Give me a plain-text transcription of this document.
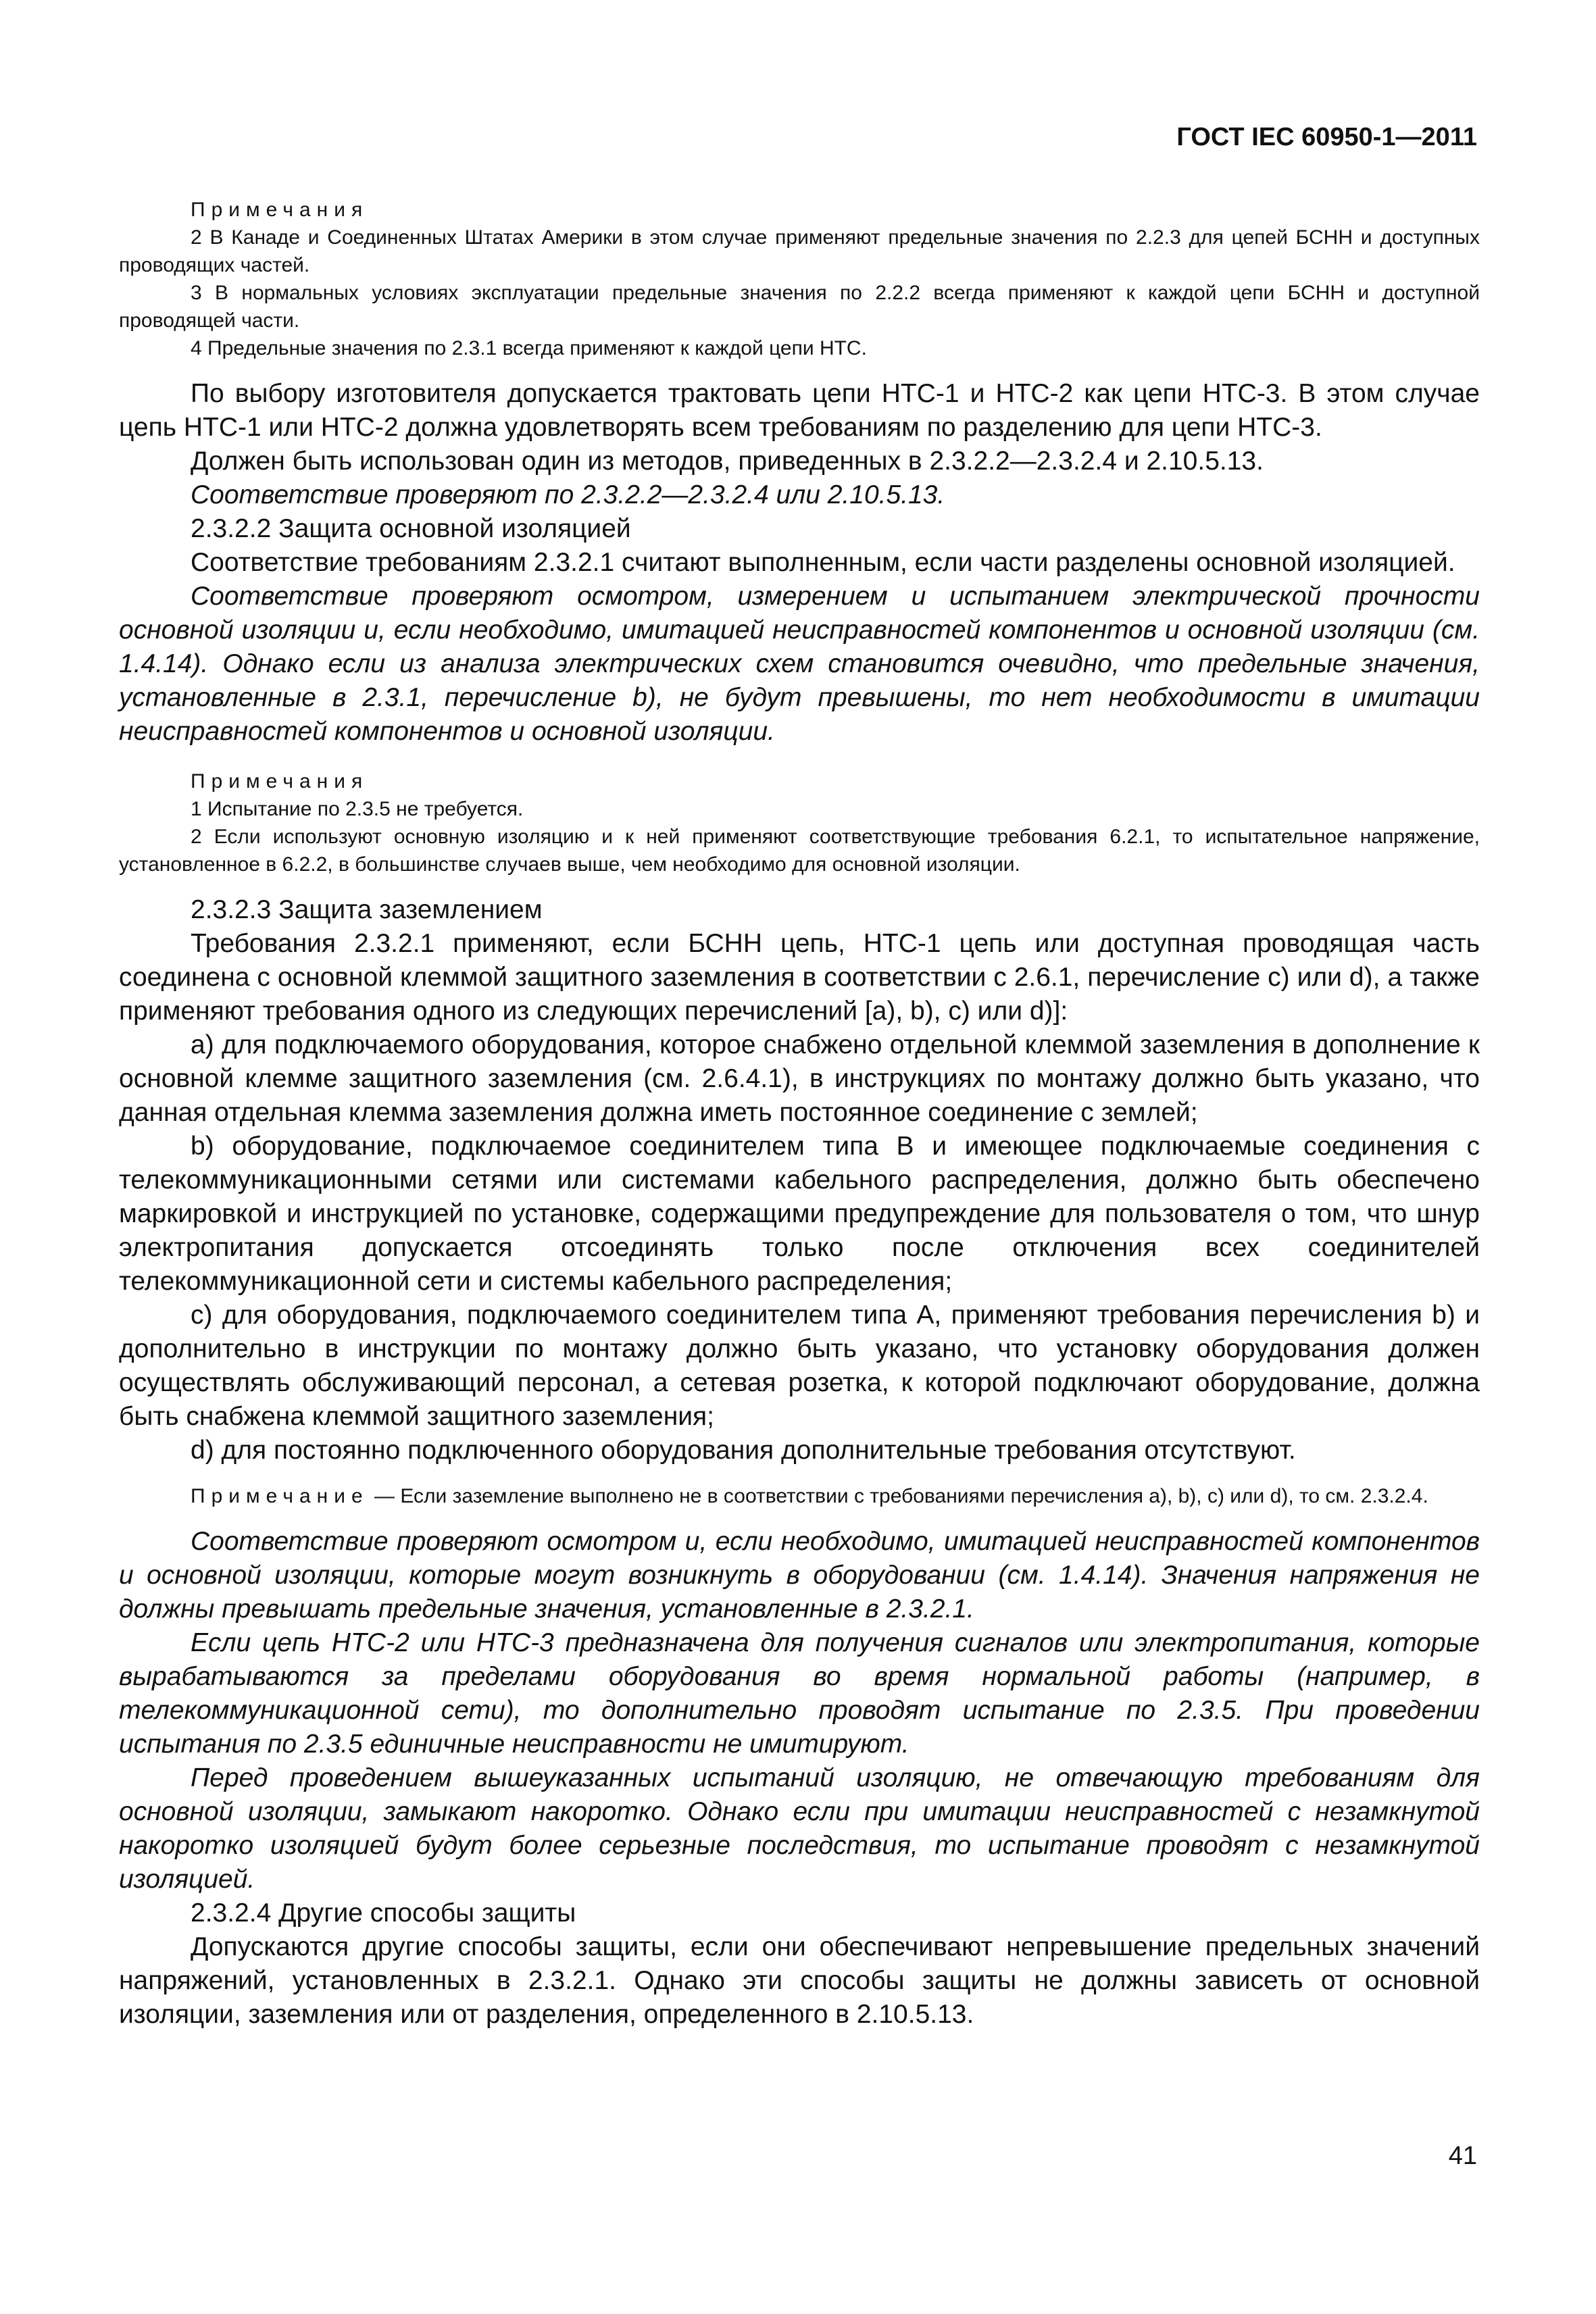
ГОСТ IEC 60950-1—2011

Примечания

2 В Канаде и Соединенных Штатах Америки в этом случае применяют предельные значения по 2.2.3 для цепей БСНН и доступных проводящих частей.

3 В нормальных условиях эксплуатации предельные значения по 2.2.2 всегда применяют к каждой цепи БСНН и доступной проводящей части.

4 Предельные значения по 2.3.1 всегда применяют к каждой цепи НТС.

По выбору изготовителя допускается трактовать цепи НТС-1 и НТС-2 как цепи НТС-3. В этом случае цепь НТС-1 или НТС-2 должна удовлетворять всем требованиям по разделению для цепи НТС-3.

Должен быть использован один из методов, приведенных в 2.3.2.2—2.3.2.4 и 2.10.5.13.

Соответствие проверяют по 2.3.2.2—2.3.2.4 или 2.10.5.13.

2.3.2.2 Защита основной изоляцией

Соответствие требованиям 2.3.2.1 считают выполненным, если части разделены основной изоляцией.

Соответствие проверяют осмотром, измерением и испытанием электрической прочности основной изоляции и, если необходимо, имитацией неисправностей компонентов и основной изоляции (см. 1.4.14). Однако если из анализа электрических схем становится очевидно, что предельные значения, установленные в 2.3.1, перечисление b), не будут превышены, то нет необходимости в имитации неисправностей компонентов и основной изоляции.

Примечания

1 Испытание по 2.3.5 не требуется.

2 Если используют основную изоляцию и к ней применяют соответствующие требования 6.2.1, то испытательное напряжение, установленное в 6.2.2, в большинстве случаев выше, чем необходимо для основной изоляции.

2.3.2.3 Защита заземлением

Требования 2.3.2.1 применяют, если БСНН цепь, НТС-1 цепь или доступная проводящая часть соединена с основной клеммой защитного заземления в соответствии с 2.6.1, перечисление c) или d), а также применяют требования одного из следующих перечислений [a), b), c) или d)]:

a) для подключаемого оборудования, которое снабжено отдельной клеммой заземления в дополнение к основной клемме защитного заземления (см. 2.6.4.1), в инструкциях по монтажу должно быть указано, что данная отдельная клемма заземления должна иметь постоянное соединение с землей;

b) оборудование, подключаемое соединителем типа B и имеющее подключаемые соединения с телекоммуникационными сетями или системами кабельного распределения, должно быть обеспечено маркировкой и инструкцией по установке, содержащими предупреждение для пользователя о том, что шнур электропитания допускается отсоединять только после отключения всех соединителей телекоммуникационной сети и системы кабельного распределения;

c) для оборудования, подключаемого соединителем типа A, применяют требования перечисления b) и дополнительно в инструкции по монтажу должно быть указано, что установку оборудования должен осуществлять обслуживающий персонал, а сетевая розетка, к которой подключают оборудование, должна быть снабжена клеммой защитного заземления;

d) для постоянно подключенного оборудования дополнительные требования отсутствуют.

Примечание — Если заземление выполнено не в соответствии с требованиями перечисления a), b), c) или d), то см. 2.3.2.4.

Соответствие проверяют осмотром и, если необходимо, имитацией неисправностей компонентов и основной изоляции, которые могут возникнуть в оборудовании (см. 1.4.14). Значения напряжения не должны превышать предельные значения, установленные в 2.3.2.1.

Если цепь НТС-2 или НТС-3 предназначена для получения сигналов или электропитания, которые вырабатываются за пределами оборудования во время нормальной работы (например, в телекоммуникационной сети), то дополнительно проводят испытание по 2.3.5. При проведении испытания по 2.3.5 единичные неисправности не имитируют.

Перед проведением вышеуказанных испытаний изоляцию, не отвечающую требованиям для основной изоляции, замыкают накоротко. Однако если при имитации неисправностей с незамкнутой накоротко изоляцией будут более серьезные последствия, то испытание проводят с незамкнутой изоляцией.

2.3.2.4 Другие способы защиты

Допускаются другие способы защиты, если они обеспечивают непревышение предельных значений напряжений, установленных в 2.3.2.1. Однако эти способы защиты не должны зависеть от основной изоляции, заземления или от разделения, определенного в 2.10.5.13.

41
